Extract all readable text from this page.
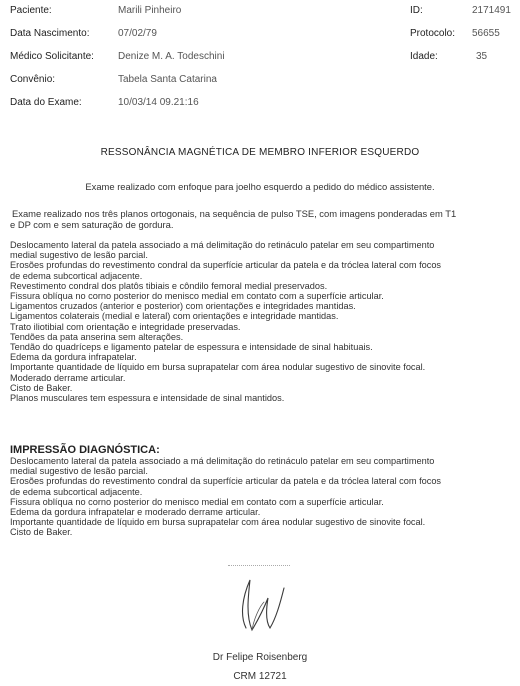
Paciente:	Marili Pinheiro	ID:	2171491
Data Nascimento:	07/02/79	Protocolo: 56655
Médico Solicitante: Denize M. A. Todeschini	Idade:	35
Convênio:	Tabela Santa Catarina
Data do Exame:	10/03/14 09.21:16
RESSONÂNCIA MAGNÉTICA DE MEMBRO INFERIOR ESQUERDO
Exame realizado com enfoque para joelho esquerdo a pedido do médico assistente.
Exame realizado nos três planos ortogonais, na sequência de pulso TSE, com imagens ponderadas em T1
e DP com e sem saturação de gordura.
Deslocamento lateral da patela associado a má delimitação do retináculo patelar em seu compartimento
medial sugestivo de lesão parcial.
Erosões profundas do revestimento condral da superfície articular da patela e da tróclea lateral com focos
de edema subcortical adjacente.
Revestimento condral dos platôs tibiais e côndilo femoral medial preservados.
Fissura oblíqua no corno posterior do menisco medial em contato com a superfície articular.
Ligamentos cruzados (anterior e posterior) com orientações e integridades mantidas.
Ligamentos colaterais (medial e lateral) com orientações e integridade mantidas.
Trato iliotibial com orientação e integridade preservadas.
Tendões da pata anserina sem alterações.
Tendão do quadríceps e ligamento patelar de espessura e intensidade de sinal habituais.
Edema da gordura infrapatelar.
Importante quantidade de líquido em bursa suprapatelar com área nodular sugestivo de sinovite focal.
Moderado derrame articular.
Cisto de Baker.
Planos musculares tem espessura e intensidade de sinal mantidos.
IMPRESSÃO DIAGNÓSTICA:
Deslocamento lateral da patela associado a má delimitação do retináculo patelar em seu compartimento
medial sugestivo de lesão parcial.
Erosões profundas do revestimento condral da superfície articular da patela e da tróclea lateral com focos
de edema subcortical adjacente.
Fissura oblíqua no corno posterior do menisco medial em contato com a superfície articular.
Edema da gordura infrapatelar e moderado derrame articular.
Importante quantidade de líquido em bursa suprapatelar com área nodular sugestivo de sinovite focal.
Cisto de Baker.
Dr Felipe Roisenberg
CRM 12721
